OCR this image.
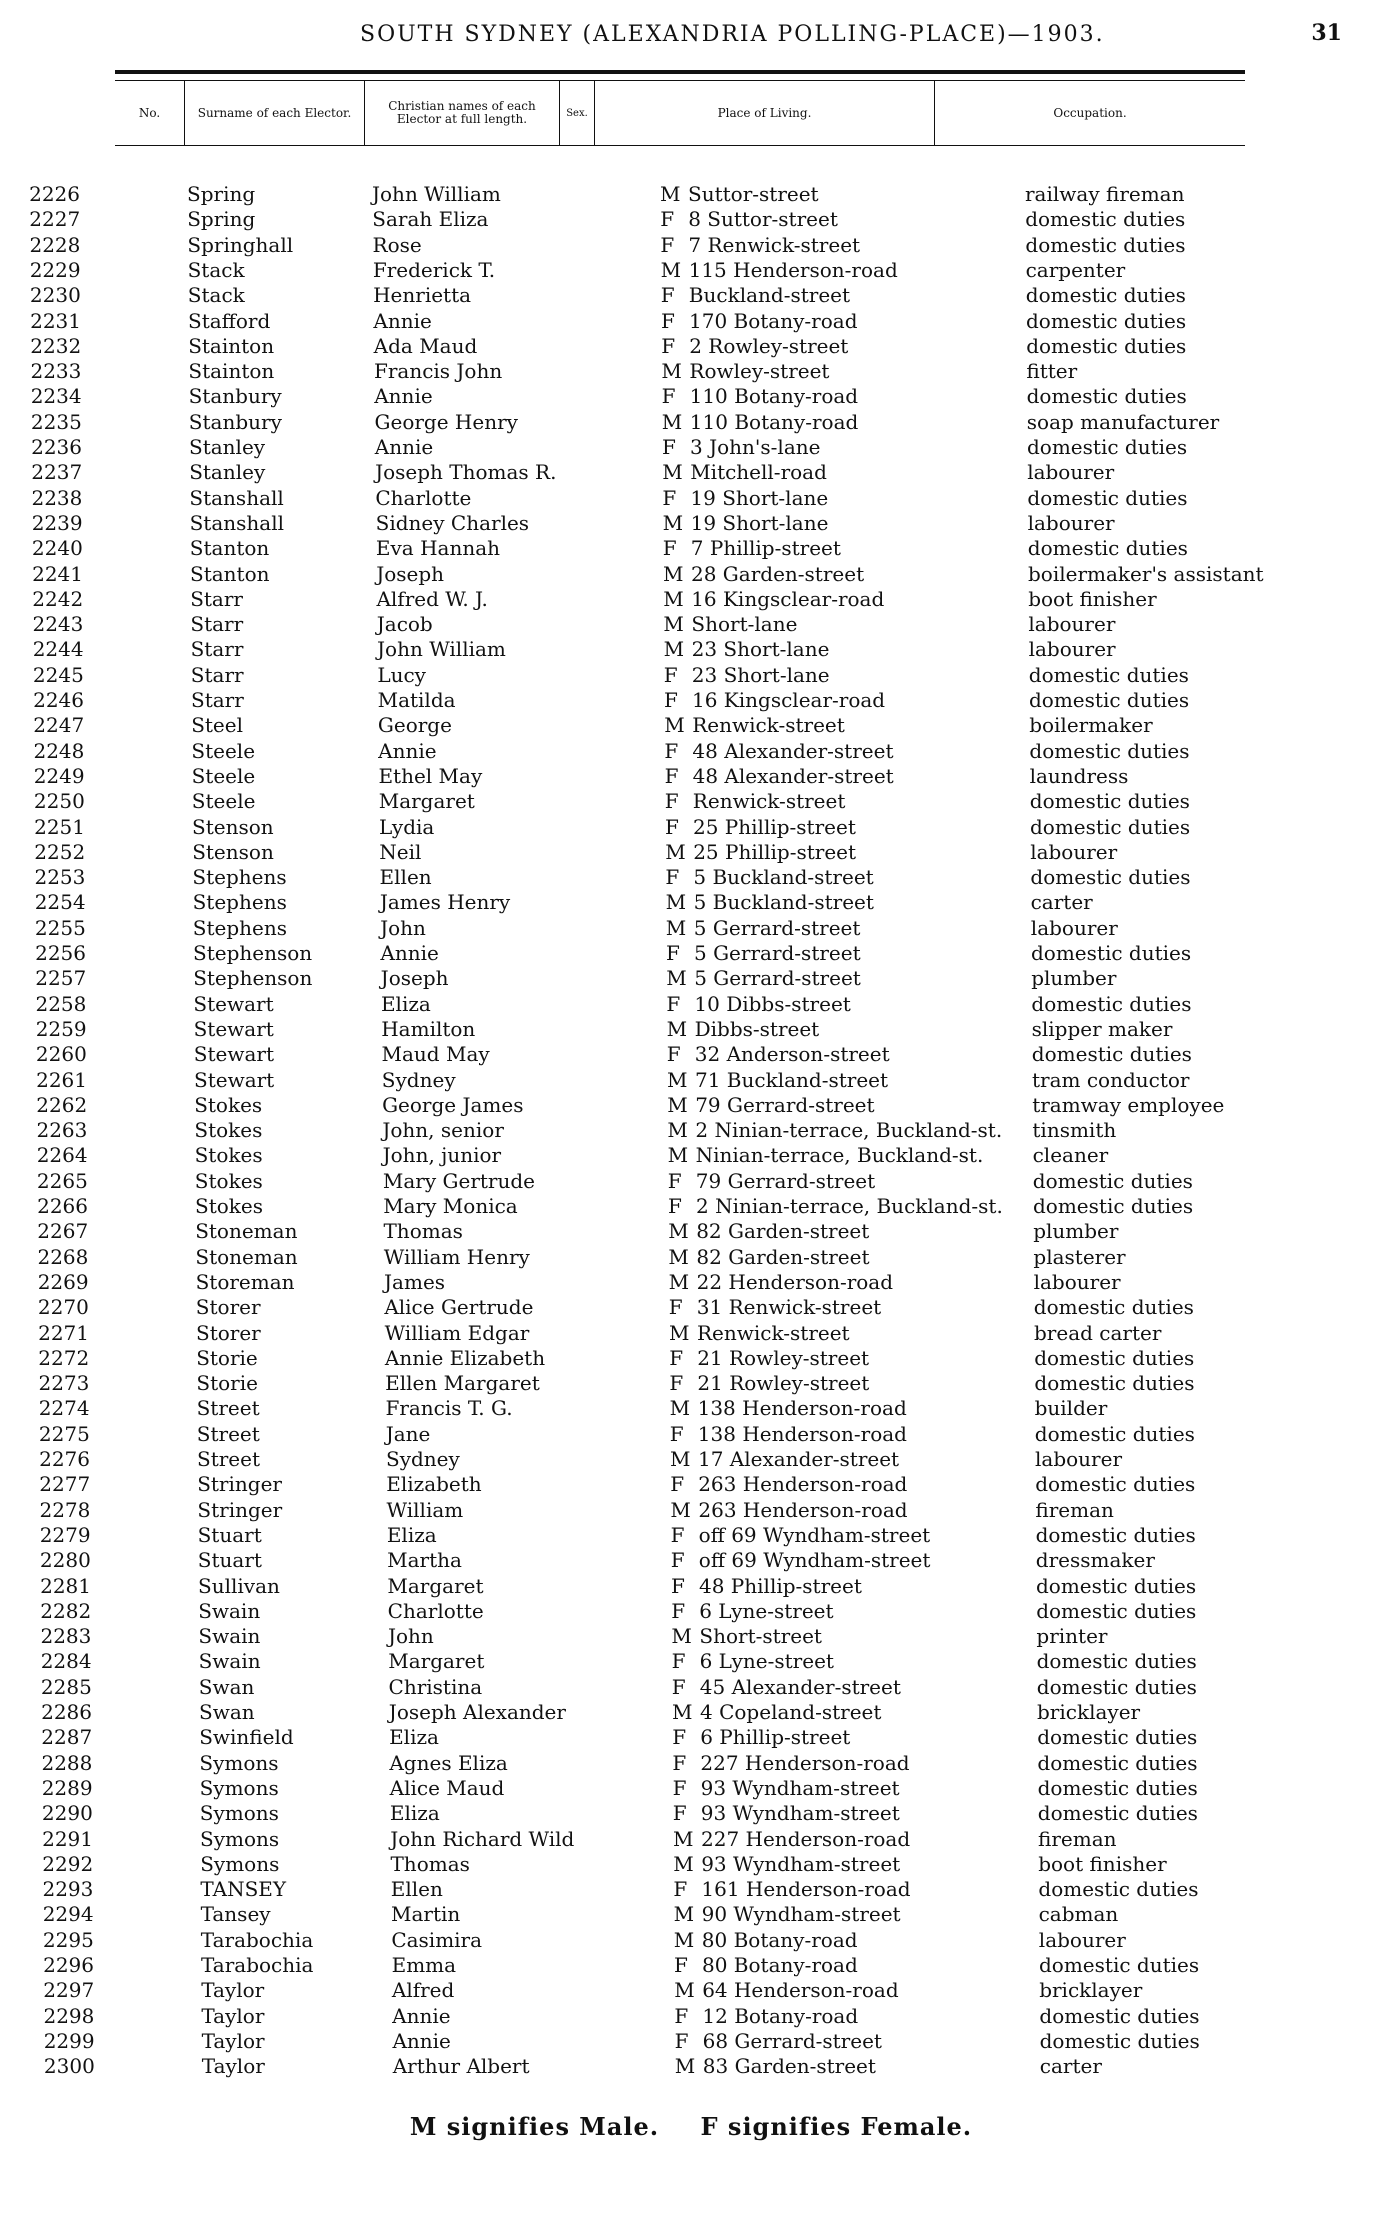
SOUTH SYDNEY (ALEXANDRIA POLLING-PLACE)—1903.	31
No.	Surname of each Elector.	Christian names of each Elector at full length.	Sex.	Place of Living.	Occupation.
2226	Spring	John William	M Suttor-street	railway fireman
2227	Spring	Sarah Eliza	F 8 Suttor-street	domestic duties
2228	Springhall	Rose	F 7 Renwick-street	domestic duties
2229	Stack	Frederick T.	M 115 Henderson-road	carpenter
2230	Stack	Henrietta	F Buckland-street	domestic duties
2231	Stafford	Annie	F 170 Botany-road	domestic duties
2232	Stainton	Ada Maud	F 2 Rowley-street	domestic duties
2233	Stainton	Francis John	M Rowley-street	fitter
2234	Stanbury	Annie	F 110 Botany-road	domestic duties
2235	Stanbury	George Henry	M 110 Botany-road	soap manufacturer
2236	Stanley	Annie	F 3 John's-lane	domestic duties
2237	Stanley	Joseph Thomas R.	M Mitchell-road	labourer
2238	Stanshall	Charlotte	F 19 Short-lane	domestic duties
2239	Stanshall	Sidney Charles	M 19 Short-lane	labourer
2240	Stanton	Eva Hannah	F 7 Phillip-street	domestic duties
2241	Stanton	Joseph	M 28 Garden-street	boilermaker's assistant
2242	Starr	Alfred W. J.	M 16 Kingsclear-road	boot finisher
2243	Starr	Jacob	M Short-lane	labourer
2244	Starr	John William	M 23 Short-lane	labourer
2245	Starr	Lucy	F 23 Short-lane	domestic duties
2246	Starr	Matilda	F 16 Kingsclear-road	domestic duties
2247	Steel	George	M Renwick-street	boilermaker
2248	Steele	Annie	F 48 Alexander-street	domestic duties
2249	Steele	Ethel May	F 48 Alexander-street	laundress
2250	Steele	Margaret	F Renwick-street	domestic duties
2251	Stenson	Lydia	F 25 Phillip-street	domestic duties
2252	Stenson	Neil	M 25 Phillip-street	labourer
2253	Stephens	Ellen	F 5 Buckland-street	domestic duties
2254	Stephens	James Henry	M 5 Buckland-street	carter
2255	Stephens	John	M 5 Gerrard-street	labourer
2256	Stephenson	Annie	F 5 Gerrard-street	domestic duties
2257	Stephenson	Joseph	M 5 Gerrard-street	plumber
2258	Stewart	Eliza	F 10 Dibbs-street	domestic duties
2259	Stewart	Hamilton	M Dibbs-street	slipper maker
2260	Stewart	Maud May	F 32 Anderson-street	domestic duties
2261	Stewart	Sydney	M 71 Buckland-street	tram conductor
2262	Stokes	George James	M 79 Gerrard-street	tramway employee
2263	Stokes	John, senior	M 2 Ninian-terrace, Buckland-st. tinsmith
2264	Stokes	John, junior	M Ninian-terrace, Buckland-st. cleaner
2265	Stokes	Mary Gertrude	F 79 Gerrard-street	domestic duties
2266	Stokes	Mary Monica	F 2 Ninian-terrace, Buckland-st. domestic duties
2267	Stoneman	Thomas	M 82 Garden-street	plumber
2268	Stoneman	William Henry	M 82 Garden-street	plasterer
2269	Storeman	James	M 22 Henderson-road	labourer
2270	Storer	Alice Gertrude	F 31 Renwick-street	domestic duties
2271	Storer	William Edgar	M Renwick-street	bread carter
2272	Storie	Annie Elizabeth	F 21 Rowley-street	domestic duties
2273	Storie	Ellen Margaret	F 21 Rowley-street	domestic duties
2274	Street	Francis T. G.	M 138 Henderson-road	builder
2275	Street	Jane	F 138 Henderson-road	domestic duties
2276	Street	Sydney	M 17 Alexander-street	labourer
2277	Stringer	Elizabeth	F 263 Henderson-road	domestic duties
2278	Stringer	William	M 263 Henderson-road	fireman
2279	Stuart	Eliza	F off 69 Wyndham-street	domestic duties
2280	Stuart	Martha	F off 69 Wyndham-street	dressmaker
2281	Sullivan	Margaret	F 48 Phillip-street	domestic duties
2282	Swain	Charlotte	F 6 Lyne-street	domestic duties
2283	Swain	John	M Short-street	printer
2284	Swain	Margaret	F 6 Lyne-street	domestic duties
2285	Swan	Christina	F 45 Alexander-street	domestic duties
2286	Swan	Joseph Alexander	M 4 Copeland-street	bricklayer
2287	Swinfield	Eliza	F 6 Phillip-street	domestic duties
2288	Symons	Agnes Eliza	F 227 Henderson-road	domestic duties
2289	Symons	Alice Maud	F 93 Wyndham-street	domestic duties
2290	Symons	Eliza	F 93 Wyndham-street	domestic duties
2291	Symons	John Richard Wild	M 227 Henderson-road	fireman
2292	Symons	Thomas	M 93 Wyndham-street	boot finisher
2293	TANSEY	Ellen	F 161 Henderson-road	domestic duties
2294	Tansey	Martin	M 90 Wyndham-street	cabman
2295	Tarabochia	Casimira	M 80 Botany-road	labourer
2296	Tarabochia	Emma	F 80 Botany-road	domestic duties
2297	Taylor	Alfred	M 64 Henderson-road	bricklayer
2298	Taylor	Annie	F 12 Botany-road	domestic duties
2299	Taylor	Annie	F 68 Gerrard-street	domestic duties
2300	Taylor	Arthur Albert	M 83 Garden-street	carter
M signifies Male. F signifies Female.
